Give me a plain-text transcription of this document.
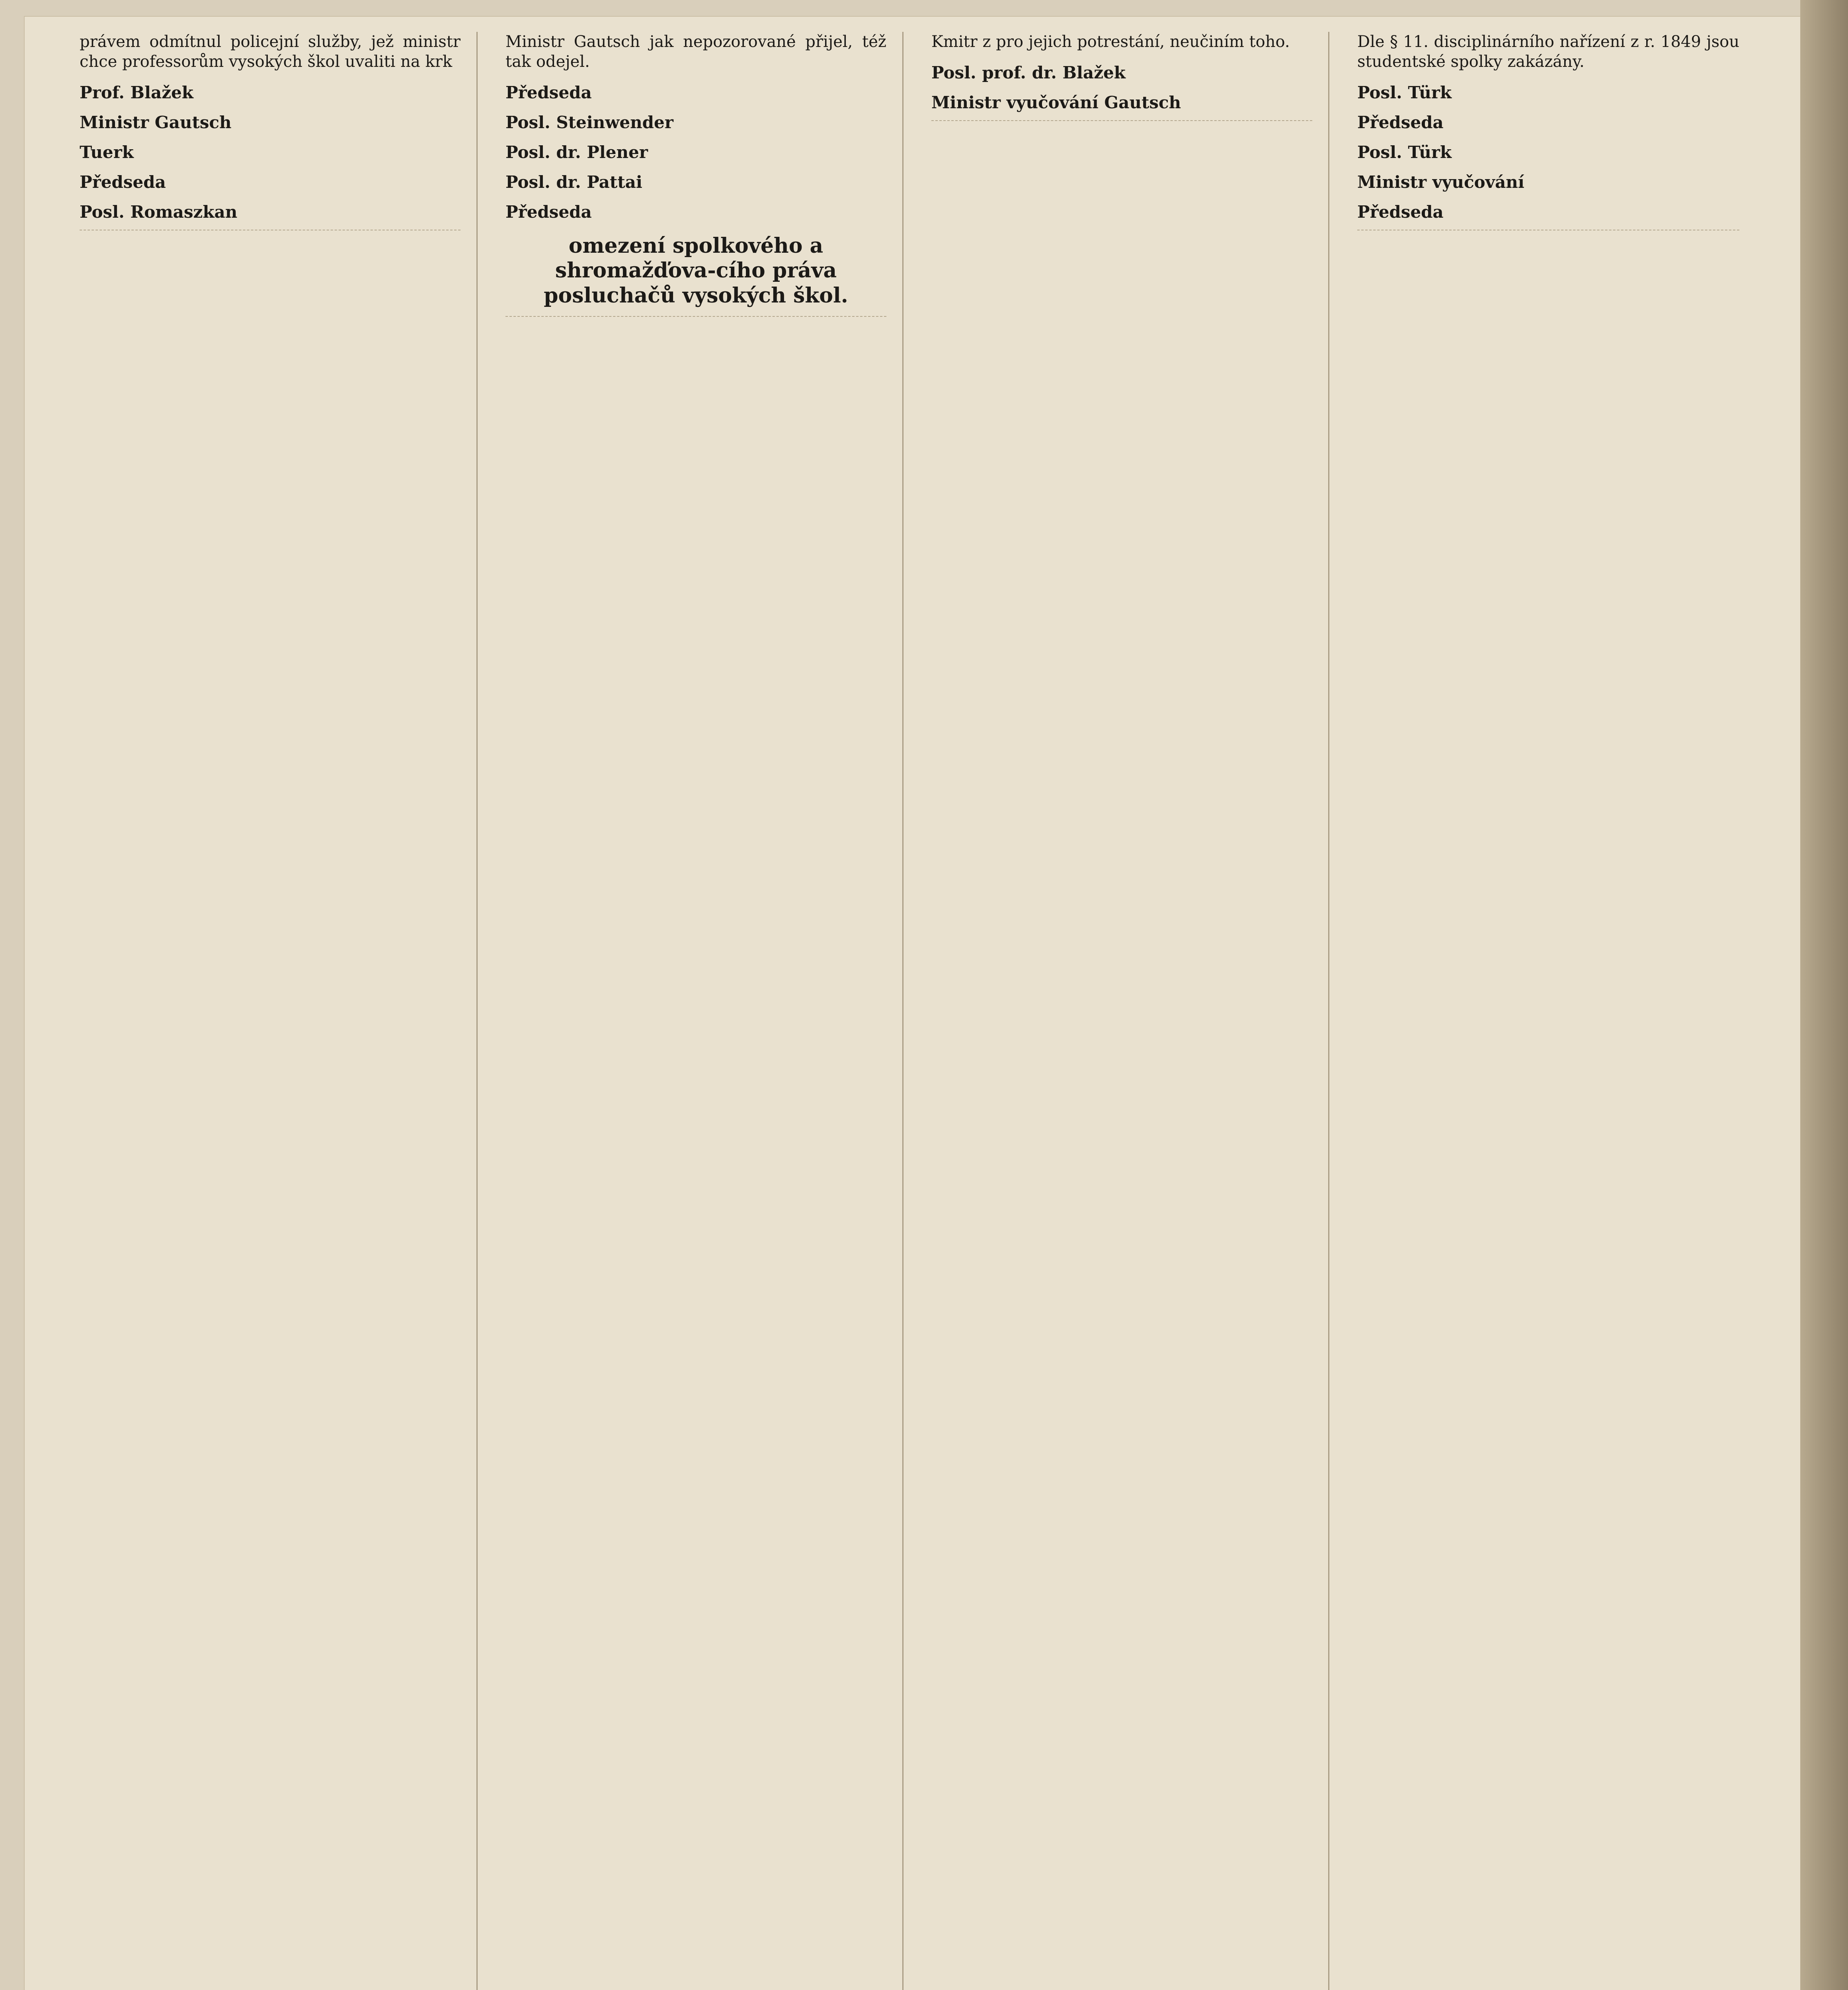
právem odmítnul policejní služby, jež ministr chce professorům vysokých škol uvaliti na krk

Prof. Blažek
Ministr Gautsch
Tuerk
Předseda
Posl. Romaszkan

Ministr Gautsch jak nepozorované přijel, též tak odejel.

Předseda
Posl. Steinwender
Posl. dr. Plener
Posl. dr. Pattai
Předseda
omezení spolkového a shromažďova-cího práva posluchačů vysokých škol.

Kmitr z pro jejich potrestání, neučiním toho.

Posl. prof. dr. Blažek
Ministr vyučování Gautsch

Dle § 11. disciplinárního nařízení z r. 1849 jsou studentské spolky zakázány.

Posl. Türk
Předseda
Posl. Türk
Ministr vyučování
Předseda
